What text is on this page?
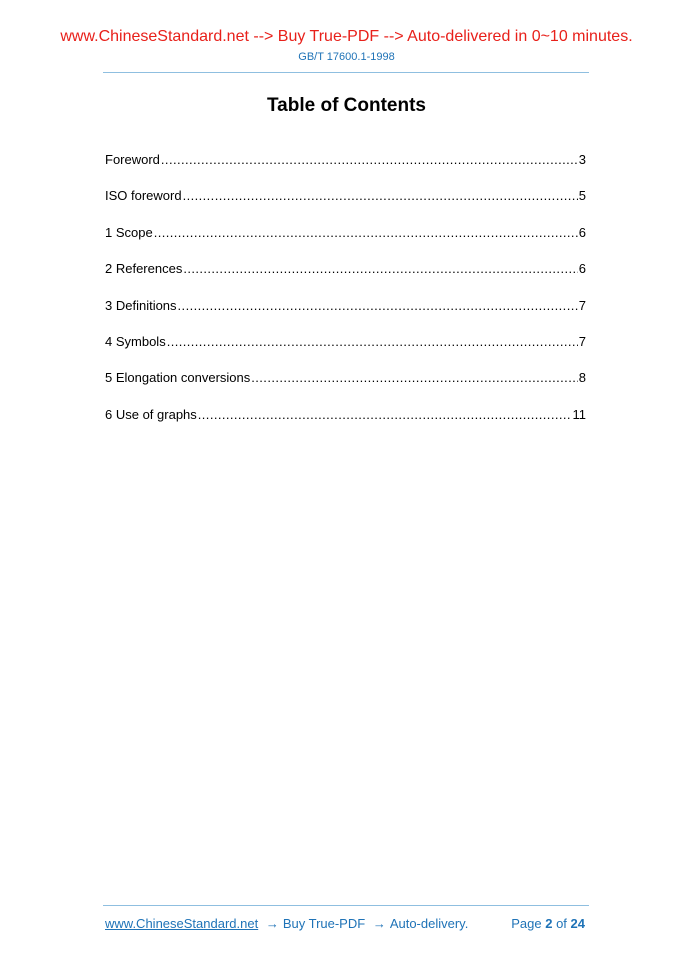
www.ChineseStandard.net --> Buy True-PDF --> Auto-delivered in 0~10 minutes.
GB/T 17600.1-1998
Table of Contents
Foreword .....	3
ISO foreword .....	5
1 Scope .....	6
2 References .....	6
3 Definitions .....	7
4 Symbols .....	7
5 Elongation conversions .....	8
6 Use of graphs .....	11
www.ChineseStandard.net → Buy True-PDF → Auto-delivery.	Page 2 of 24
